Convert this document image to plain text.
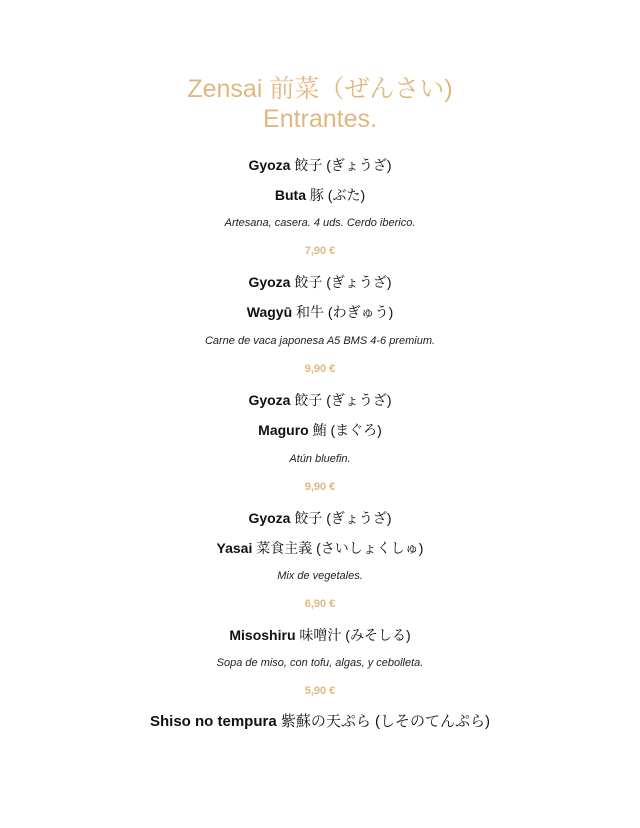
Zensai 前菜（ぜんさい)
Entrantes.
Gyoza 餃子 (ぎょうざ)
Buta 豚 (ぶた)
Artesana, casera. 4 uds. Cerdo iberico.
7,90 €
Gyoza 餃子 (ぎょうざ)
Wagyū 和牛 (わぎゅう)
Carne de vaca japonesa A5 BMS 4-6 premium.
9,90 €
Gyoza 餃子 (ぎょうざ)
Maguro 鮪 (まぐろ)
Atún bluefin.
9,90 €
Gyoza 餃子 (ぎょうざ)
Yasai 菜食主義 (さいしょくしゅ)
Mix de vegetales.
6,90 €
Misoshiru 味噌汁 (みそしる)
Sopa de miso, con tofu, algas, y cebolleta.
5,90 €
Shiso no tempura 紫蘇の天ぷら (しそのてんぷら)
